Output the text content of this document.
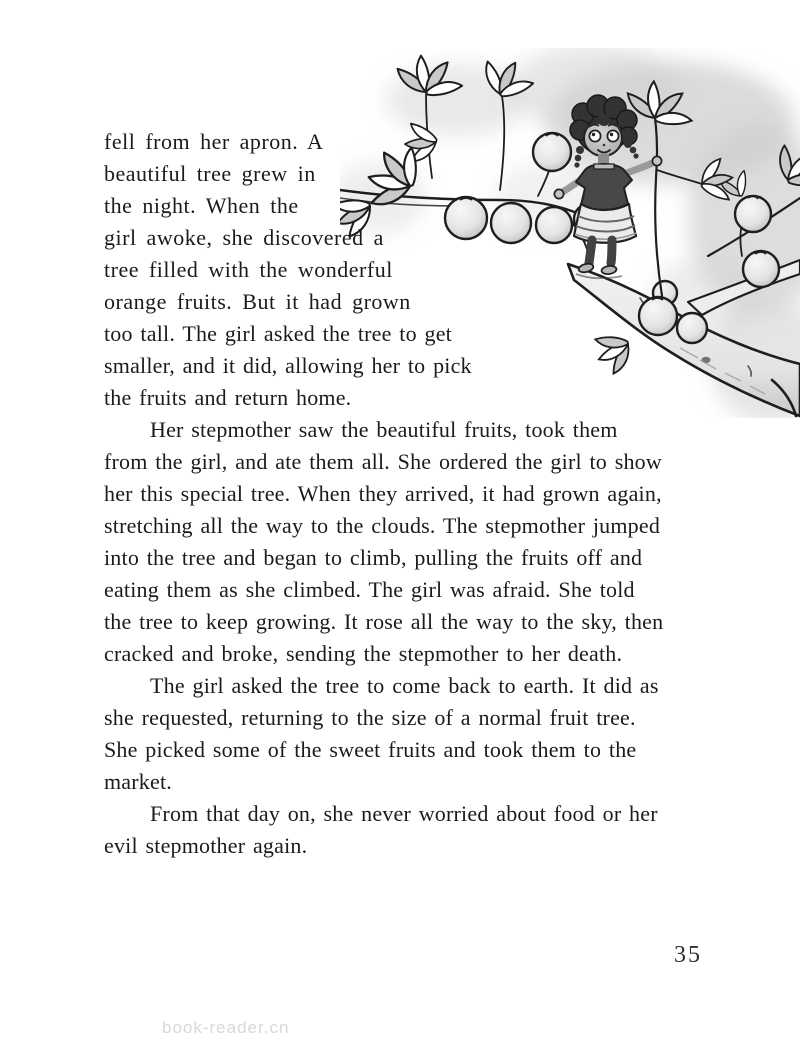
fell from her apron. A
beautiful tree grew in
the night. When the
girl awoke, she discovered a
tree filled with the wonderful
orange fruits. But it had grown
too tall. The girl asked the tree to get
smaller, and it did, allowing her to pick
the fruits and return home.
Her stepmother saw the beautiful fruits, took them
from the girl, and ate them all. She ordered the girl to show
her this special tree. When they arrived, it had grown again,
stretching all the way to the clouds. The stepmother jumped
into the tree and began to climb, pulling the fruits off and
eating them as she climbed. The girl was afraid. She told
the tree to keep growing. It rose all the way to the sky, then
cracked and broke, sending the stepmother to her death.
The girl asked the tree to come back to earth. It did as
she requested, returning to the size of a normal fruit tree.
She picked some of the sweet fruits and took them to the
market.
From that day on, she never worried about food or her
evil stepmother again.
35
book-reader.cn
